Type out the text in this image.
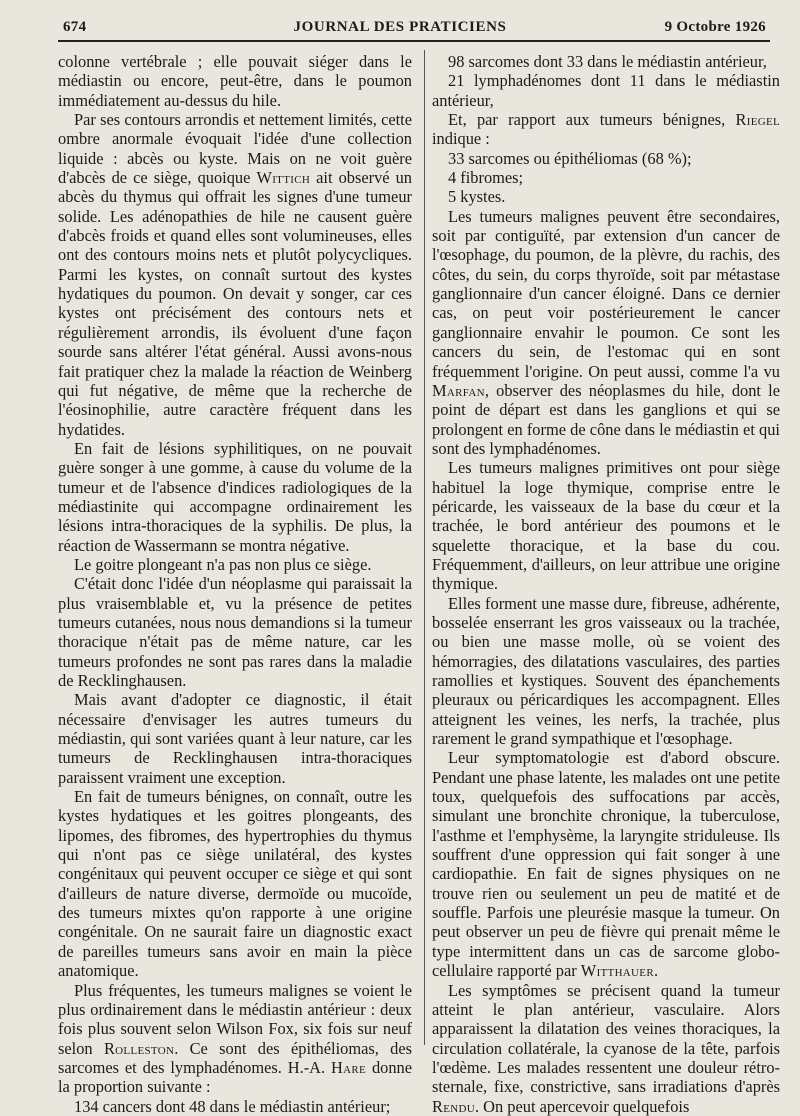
JOURNAL DES PRATICIENS
674	9 Octobre 1926

colonne vertébrale ; elle pouvait siéger dans le médiastin ou encore, peut-être, dans le poumon immédiatement au-dessus du hile.

Par ses contours arrondis et nettement limités, cette ombre anormale évoquait l'idée d'une collection liquide : abcès ou kyste. Mais on ne voit guère d'abcès de ce siège, quoique Wittich ait observé un abcès du thymus qui offrait les signes d'une tumeur solide. Les adénopathies de hile ne causent guère d'abcès froids et quand elles sont volumineuses, elles ont des contours moins nets et plutôt polycycliques. Parmi les kystes, on connaît surtout des kystes hydatiques du poumon. On devait y songer, car ces kystes ont précisément des contours nets et régulièrement arrondis, ils évoluent d'une façon sourde sans altérer l'état général. Aussi avons-nous fait pratiquer chez la malade la réaction de Weinberg qui fut négative, de même que la recherche de l'éosinophilie, autre caractère fréquent dans les hydatides.

En fait de lésions syphilitiques, on ne pouvait guère songer à une gomme, à cause du volume de la tumeur et de l'absence d'indices radiologiques de la médiastinite qui accompagne ordinairement les lésions intra-thoraciques de la syphilis. De plus, la réaction de Wassermann se montra négative.

Le goitre plongeant n'a pas non plus ce siège.

C'était donc l'idée d'un néoplasme qui paraissait la plus vraisemblable et, vu la présence de petites tumeurs cutanées, nous nous demandions si la tumeur thoracique n'était pas de même nature, car les tumeurs profondes ne sont pas rares dans la maladie de Recklinghausen.

Mais avant d'adopter ce diagnostic, il était nécessaire d'envisager les autres tumeurs du médiastin, qui sont variées quant à leur nature, car les tumeurs de Recklinghausen intra-thoraciques paraissent vraiment une exception.

En fait de tumeurs bénignes, on connaît, outre les kystes hydatiques et les goitres plongeants, des lipomes, des fibromes, des hypertrophies du thymus qui n'ont pas ce siège unilatéral, des kystes congénitaux qui peuvent occuper ce siège et qui sont d'ailleurs de nature diverse, dermoïde ou mucoïde, des tumeurs mixtes qu'on rapporte à une origine congénitale. On ne saurait faire un diagnostic exact de pareilles tumeurs sans avoir en main la pièce anatomique.

Plus fréquentes, les tumeurs malignes se voient le plus ordinairement dans le médiastin antérieur : deux fois plus souvent selon Wilson Fox, six fois sur neuf selon Rolleston. Ce sont des épithéliomas, des sarcomes et des lymphadénomes. H.-A. Hare donne la proportion suivante :

134 cancers dont 48 dans le médiastin antérieur;

98 sarcomes dont 33 dans le médiastin antérieur,

21 lymphadénomes dont 11 dans le médiastin antérieur,

Et, par rapport aux tumeurs bénignes, Riegel indique :

33 sarcomes ou épithéliomas (68 %);

4 fibromes;

5 kystes.

Les tumeurs malignes peuvent être secondaires, soit par contiguïté, par extension d'un cancer de l'œsophage, du poumon, de la plèvre, du rachis, des côtes, du sein, du corps thyroïde, soit par métastase ganglionnaire d'un cancer éloigné. Dans ce dernier cas, on peut voir postérieurement le cancer ganglionnaire envahir le poumon. Ce sont les cancers du sein, de l'estomac qui en sont fréquemment l'origine. On peut aussi, comme l'a vu Marfan, observer des néoplasmes du hile, dont le point de départ est dans les ganglions et qui se prolongent en forme de cône dans le médiastin et qui sont des lymphadénomes.

Les tumeurs malignes primitives ont pour siège habituel la loge thymique, comprise entre le péricarde, les vaisseaux de la base du cœur et la trachée, le bord antérieur des poumons et le squelette thoracique, et la base du cou. Fréquemment, d'ailleurs, on leur attribue une origine thymique.

Elles forment une masse dure, fibreuse, adhérente, bosselée enserrant les gros vaisseaux ou la trachée, ou bien une masse molle, où se voient des hémorragies, des dilatations vasculaires, des parties ramollies et kystiques. Souvent des épanchements pleuraux ou péricardiques les accompagnent. Elles atteignent les veines, les nerfs, la trachée, plus rarement le grand sympathique et l'œsophage.

Leur symptomatologie est d'abord obscure. Pendant une phase latente, les malades ont une petite toux, quelquefois des suffocations par accès, simulant une bronchite chronique, la tuberculose, l'asthme et l'emphysème, la laryngite striduleuse. Ils souffrent d'une oppression qui fait songer à une cardiopathie. En fait de signes physiques on ne trouve rien ou seulement un peu de matité et de souffle. Parfois une pleurésie masque la tumeur. On peut observer un peu de fièvre qui prenait même le type intermittent dans un cas de sarcome globo-cellulaire rapporté par Witthauer.

Les symptômes se précisent quand la tumeur atteint le plan antérieur, vasculaire. Alors apparaissent la dilatation des veines thoraciques, la circulation collatérale, la cyanose de la tête, parfois l'œdème. Les malades ressentent une douleur rétro-sternale, fixe, constrictive, sans irradiations d'après Rendu. On peut apercevoir quelquefois
